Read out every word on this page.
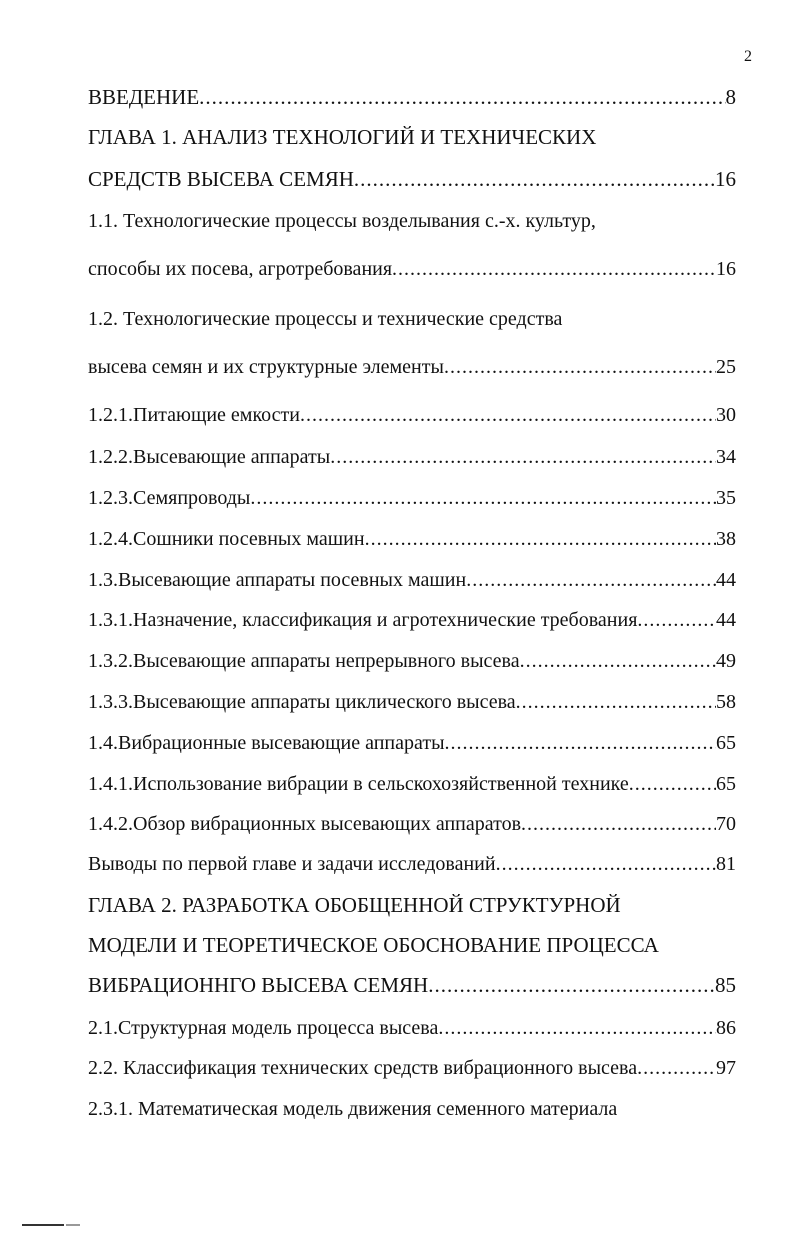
2
ВВЕДЕНИЕ .....	8
ГЛАВА 1. АНАЛИЗ ТЕХНОЛОГИЙ И ТЕХНИЧЕСКИХ
СРЕДСТВ ВЫСЕВА СЕМЯН .....	16
1.1. Технологические процессы возделывания с.-х. культур,
способы их посева, агротребования .....	16
1.2. Технологические процессы и технические средства
высева семян и их структурные элементы .....	25
1.2.1.Питающие емкости .....	30
1.2.2.Высевающие аппараты .....	34
1.2.3.Семяпроводы .....	35
1.2.4.Сошники посевных машин .....	38
1.3.Высевающие аппараты посевных машин .....	44
1.3.1.Назначение, классификация и агротехнические требования .....	44
1.3.2.Высевающие аппараты непрерывного высева .....	49
1.3.3.Высевающие аппараты циклического высева .....	58
1.4.Вибрационные высевающие аппараты .....	65
1.4.1.Использование вибрации в сельскохозяйственной технике .....	65
1.4.2.Обзор вибрационных высевающих аппаратов .....	70
Выводы по первой главе и задачи исследований .....	81
ГЛАВА 2. РАЗРАБОТКА ОБОБЩЕННОЙ СТРУКТУРНОЙ
МОДЕЛИ И ТЕОРЕТИЧЕСКОЕ ОБОСНОВАНИЕ ПРОЦЕССА
ВИБРАЦИОННГО ВЫСЕВА СЕМЯН .....	85
2.1.Структурная модель процесса высева .....	86
2.2. Классификация технических средств вибрационного высева .....	97
2.3.1. Математическая модель движения семенного материала
